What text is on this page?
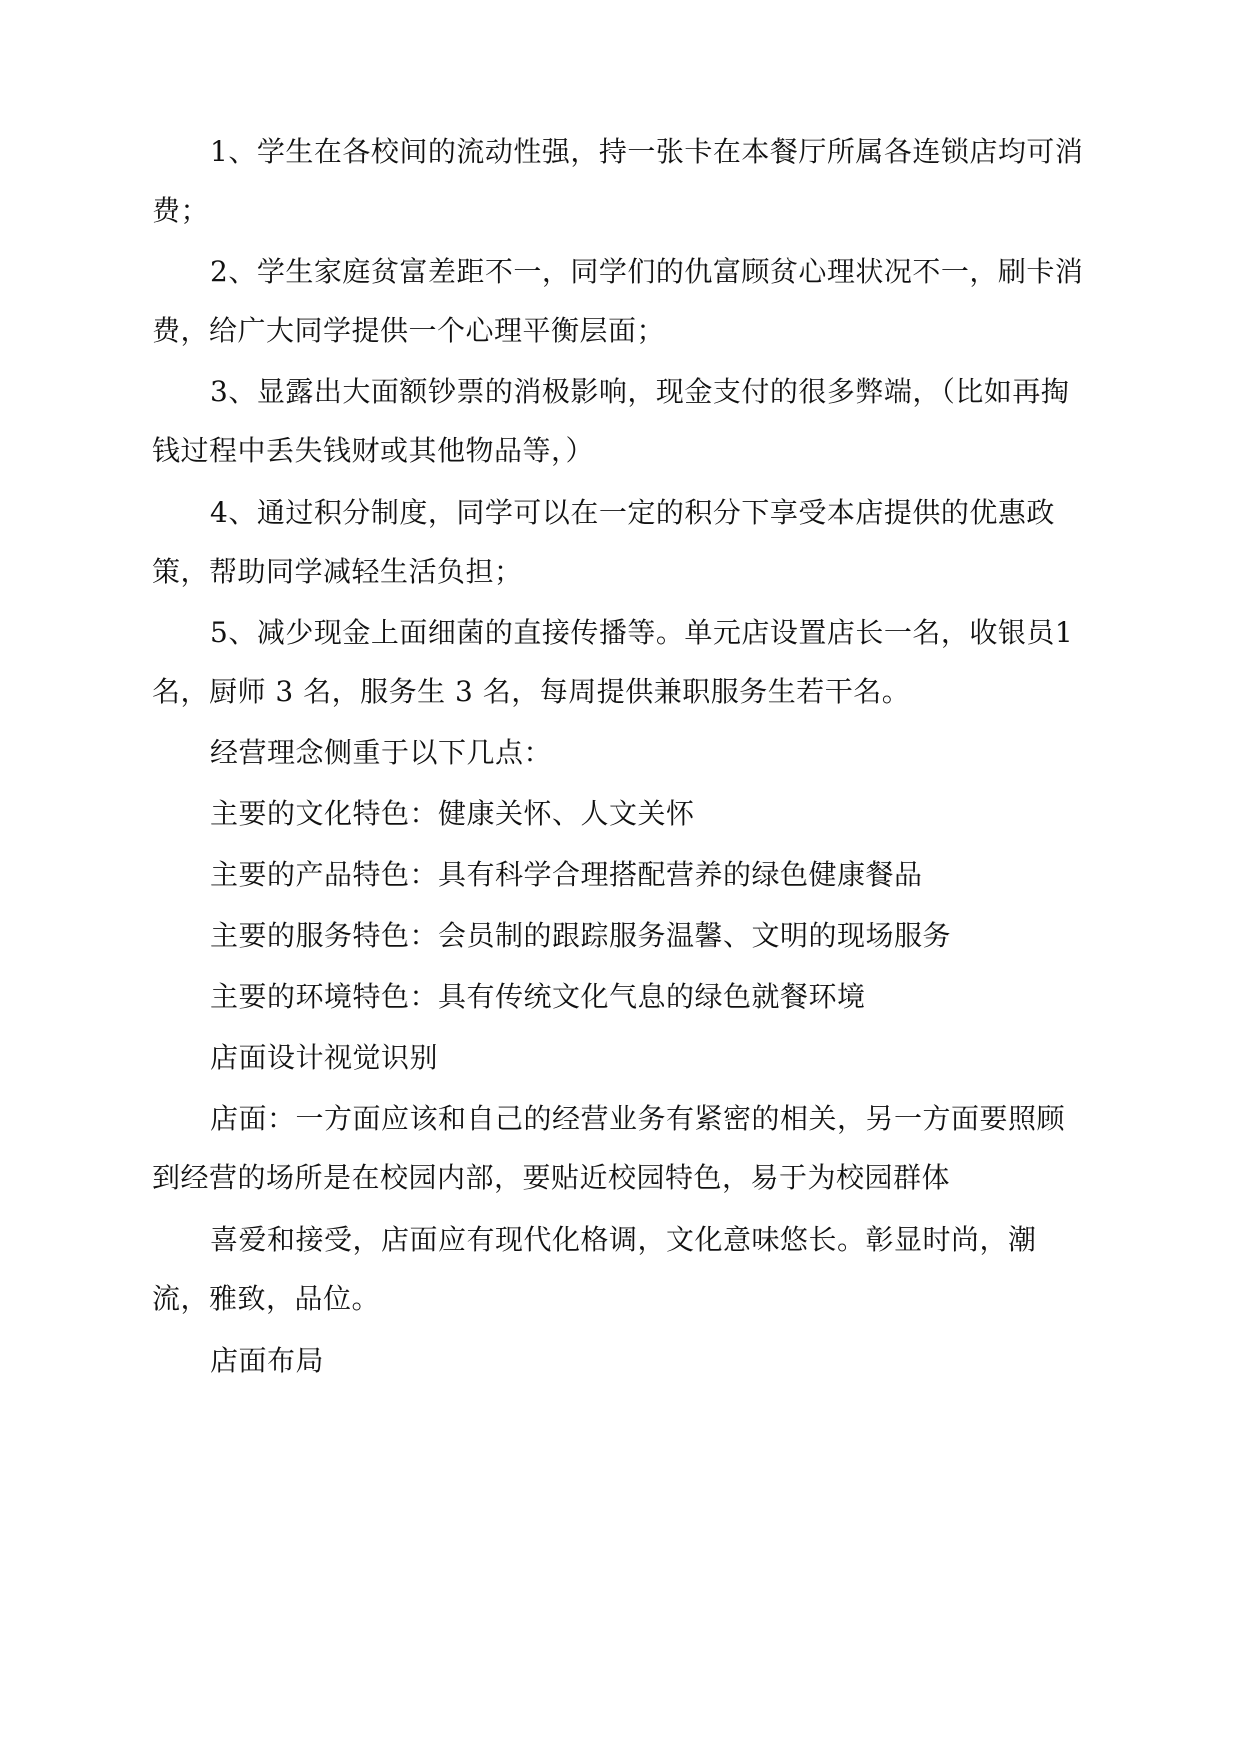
1、学生在各校间的流动性强，持一张卡在本餐厅所属各连锁店均可消费；

2、学生家庭贫富差距不一，同学们的仇富顾贫心理状况不一，刷卡消费，给广大同学提供一个心理平衡层面；

3、显露出大面额钞票的消极影响，现金支付的很多弊端，（比如再掏钱过程中丢失钱财或其他物品等，）

4、通过积分制度，同学可以在一定的积分下享受本店提供的优惠政策，帮助同学减轻生活负担；

5、减少现金上面细菌的直接传播等。单元店设置店长一名，收银员1 名，厨师 3 名，服务生 3 名，每周提供兼职服务生若干名。

经营理念侧重于以下几点：

主要的文化特色：健康关怀、人文关怀

主要的产品特色：具有科学合理搭配营养的绿色健康餐品

主要的服务特色：会员制的跟踪服务温馨、文明的现场服务

主要的环境特色：具有传统文化气息的绿色就餐环境

店面设计视觉识别

店面：一方面应该和自己的经营业务有紧密的相关，另一方面要照顾到经营的场所是在校园内部，要贴近校园特色，易于为校园群体

喜爱和接受，店面应有现代化格调，文化意味悠长。彰显时尚，潮流，雅致，品位。

店面布局
